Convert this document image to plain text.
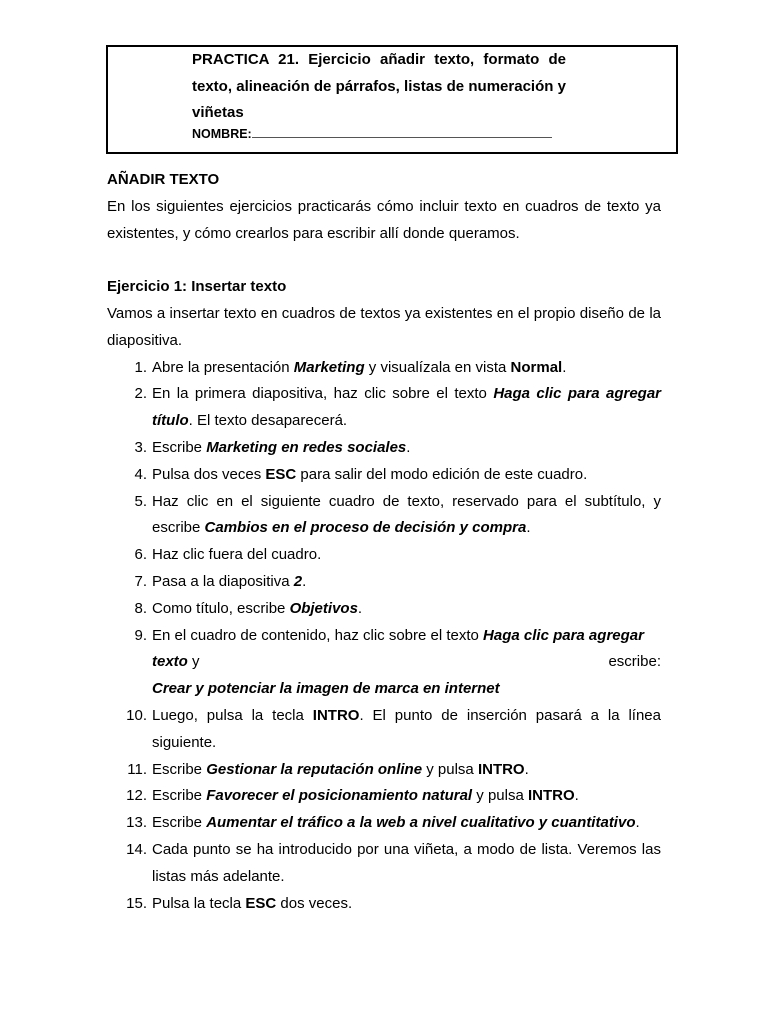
PRACTICA 21. Ejercicio añadir texto, formato de texto, alineación de párrafos, listas de numeración y viñetas
NOMBRE:

AÑADIR TEXTO

En los siguientes ejercicios practicarás cómo incluir texto en cuadros de texto ya existentes, y cómo crearlos para escribir allí donde queramos.

Ejercicio 1: Insertar texto

Vamos a insertar texto en cuadros de textos ya existentes en el propio diseño de la diapositiva.

1. Abre la presentación Marketing y visualízala en vista Normal.
2. En la primera diapositiva, haz clic sobre el texto Haga clic para agregar título. El texto desaparecerá.
3. Escribe Marketing en redes sociales.
4. Pulsa dos veces ESC para salir del modo edición de este cuadro.
5. Haz clic en el siguiente cuadro de texto, reservado para el subtítulo, y escribe Cambios en el proceso de decisión y compra.
6. Haz clic fuera del cuadro.
7. Pasa a la diapositiva 2.
8. Como título, escribe Objetivos.
9. En el cuadro de contenido, haz clic sobre el texto Haga clic para agregar
texto y	escribe:
Crear y potenciar la imagen de marca en internet
10. Luego, pulsa la tecla INTRO. El punto de inserción pasará a la línea siguiente.
11. Escribe Gestionar la reputación online y pulsa INTRO.
12. Escribe Favorecer el posicionamiento natural y pulsa INTRO.
13. Escribe Aumentar el tráfico a la web a nivel cualitativo y cuantitativo.
14. Cada punto se ha introducido por una viñeta, a modo de lista. Veremos las listas más adelante.
15. Pulsa la tecla ESC dos veces.
